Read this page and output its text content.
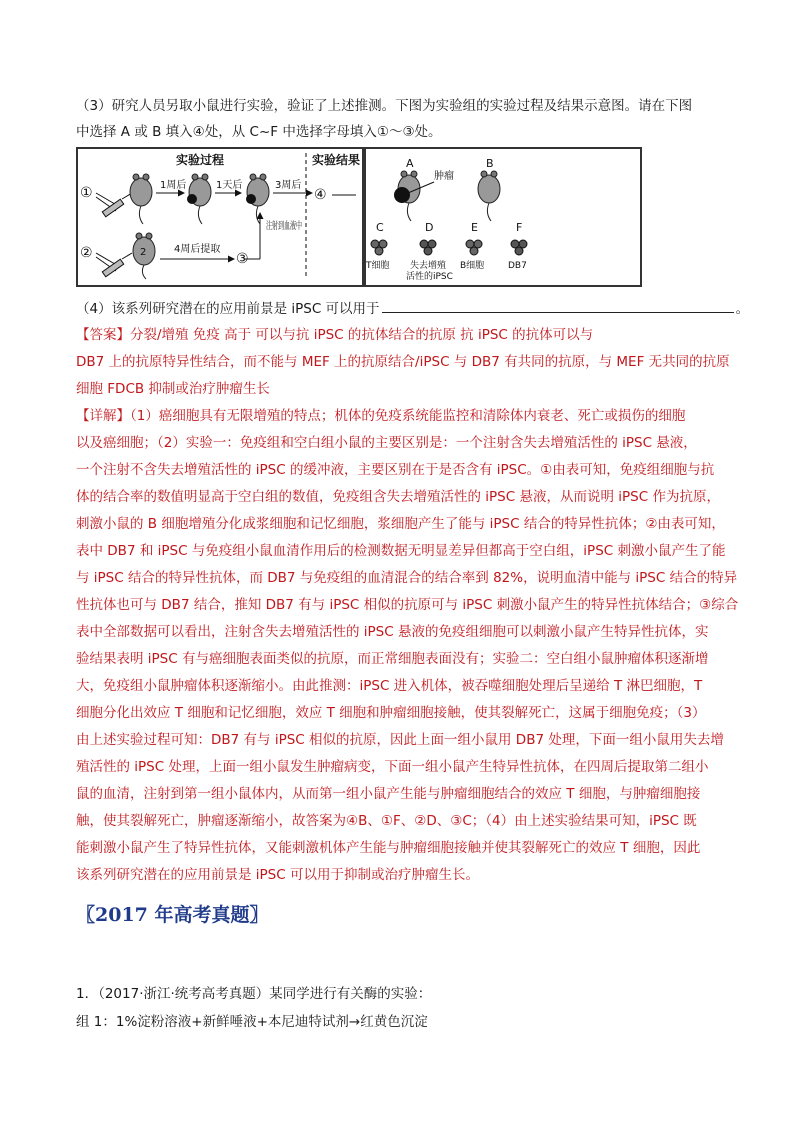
（3）研究人员另取小鼠进行实验，验证了上述推测。下图为实验组的实验过程及结果示意图。请在下图
中选择 A 或 B 填入④处，从 C~F 中选择字母填入①～③处。
实验过程	实验结果
①	1周后	1天后	3周后
④
注射到血液中
②	2	4周后提取
③
A	B
肿瘤
C	D	E	F
T细胞 失去增殖
活性的iPSC
B细胞	DB7
（4）该系列研究潜在的应用前景是 iPSC 可以用于	。
【答案】分裂/增殖 免疫 高于 可以与抗 iPSC 的抗体结合的抗原 抗 iPSC 的抗体可以与
DB7 上的抗原特异性结合，而不能与 MEF 上的抗原结合/iPSC 与 DB7 有共同的抗原，与 MEF 无共同的抗原
细胞 FDCB 抑制或治疗肿瘤生长
【详解】（1）癌细胞具有无限增殖的特点；机体的免疫系统能监控和清除体内衰老、死亡或损伤的细胞
以及癌细胞；（2）实验一：免疫组和空白组小鼠的主要区别是：一个注射含失去增殖活性的 iPSC 悬液，
一个注射不含失去增殖活性的 iPSC 的缓冲液，主要区别在于是否含有 iPSC。①由表可知，免疫组细胞与抗
体的结合率的数值明显高于空白组的数值，免疫组含失去增殖活性的 iPSC 悬液，从而说明 iPSC 作为抗原，
刺激小鼠的 B 细胞增殖分化成浆细胞和记忆细胞，浆细胞产生了能与 iPSC 结合的特异性抗体；②由表可知，
表中 DB7 和 iPSC 与免疫组小鼠血清作用后的检测数据无明显差异但都高于空白组，iPSC 刺激小鼠产生了能
与 iPSC 结合的特异性抗体，而 DB7 与免疫组的血清混合的结合率到 82%，说明血清中能与 iPSC 结合的特异
性抗体也可与 DB7 结合，推知 DB7 有与 iPSC 相似的抗原可与 iPSC 刺激小鼠产生的特异性抗体结合；③综合
表中全部数据可以看出，注射含失去增殖活性的 iPSC 悬液的免疫组细胞可以刺激小鼠产生特异性抗体，实
验结果表明 iPSC 有与癌细胞表面类似的抗原，而正常细胞表面没有；实验二：空白组小鼠肿瘤体积逐渐增
大，免疫组小鼠肿瘤体积逐渐缩小。由此推测：iPSC 进入机体，被吞噬细胞处理后呈递给 T 淋巴细胞，T
细胞分化出效应 T 细胞和记忆细胞，效应 T 细胞和肿瘤细胞接触，使其裂解死亡，这属于细胞免疫；（3）
由上述实验过程可知：DB7 有与 iPSC 相似的抗原，因此上面一组小鼠用 DB7 处理，下面一组小鼠用失去增
殖活性的 iPSC 处理，上面一组小鼠发生肿瘤病变，下面一组小鼠产生特异性抗体，在四周后提取第二组小
鼠的血清，注射到第一组小鼠体内，从而第一组小鼠产生能与肿瘤细胞结合的效应 T 细胞，与肿瘤细胞接
触，使其裂解死亡，肿瘤逐渐缩小，故答案为④B、①F、②D、③C；（4）由上述实验结果可知，iPSC 既
能刺激小鼠产生了特异性抗体，又能刺激机体产生能与肿瘤细胞接触并使其裂解死亡的效应 T 细胞，因此
该系列研究潜在的应用前景是 iPSC 可以用于抑制或治疗肿瘤生长。
〖2017 年高考真题〗
1．（2017·浙江·统考高考真题）某同学进行有关酶的实验：
组 1：1%淀粉溶液+新鲜唾液+本尼迪特试剂→红黄色沉淀
